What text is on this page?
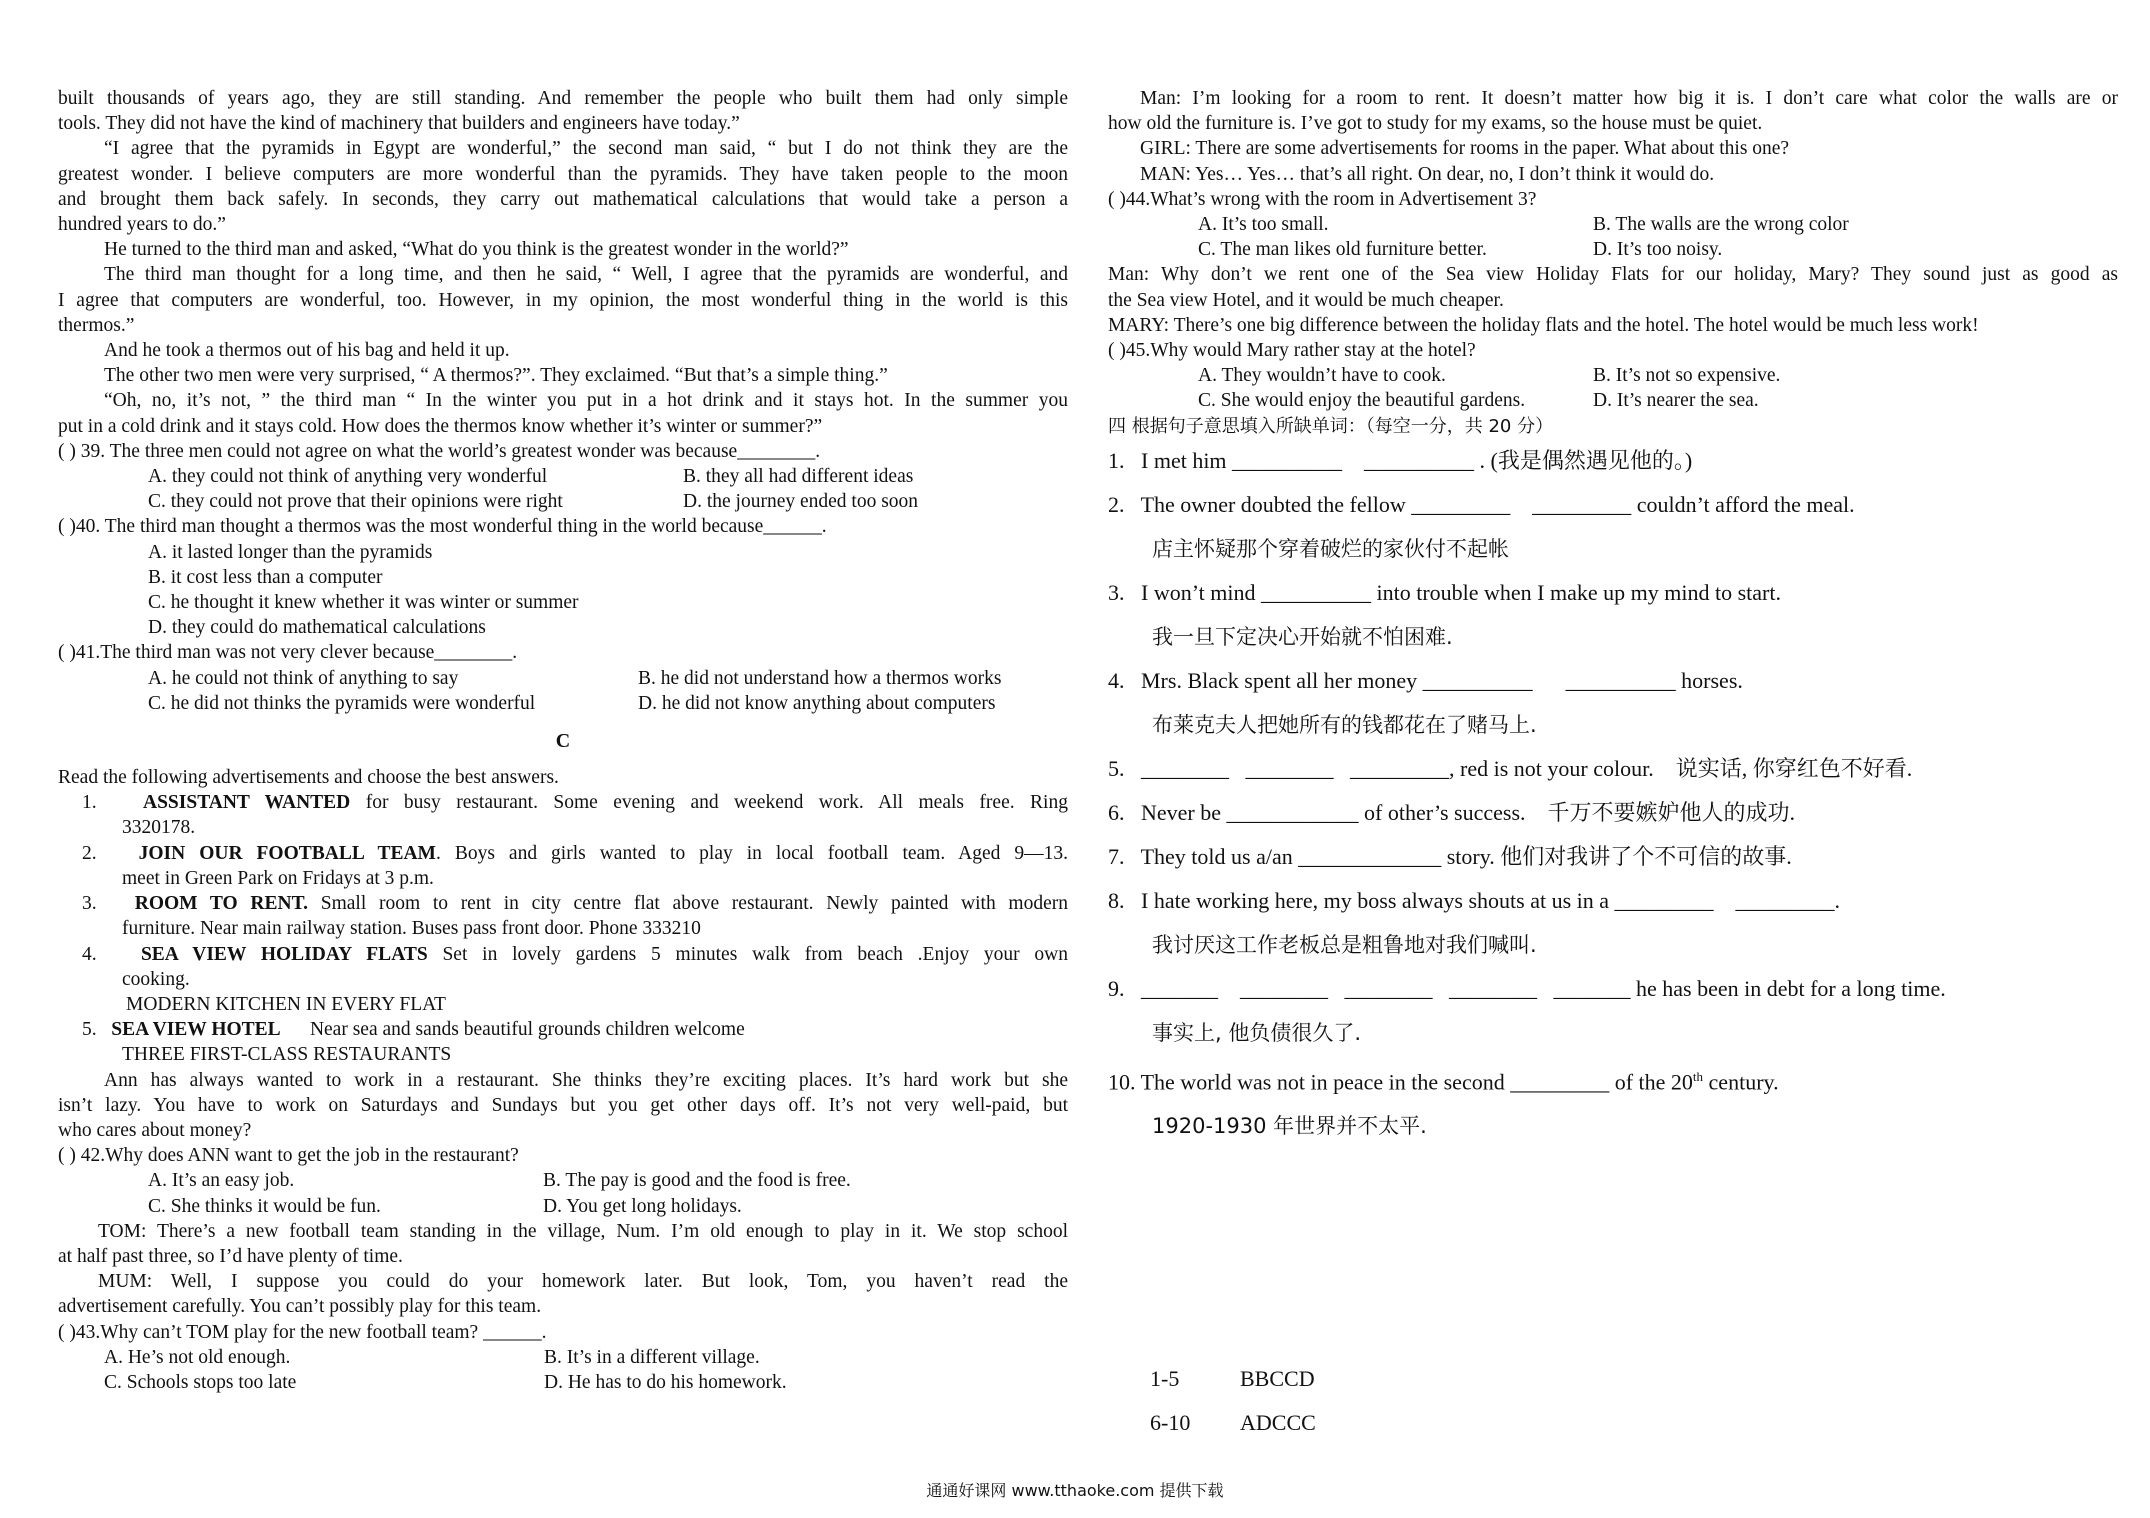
built thousands of years ago, they are still standing. And remember the people who built them had only simple
tools. They did not have the kind of machinery that builders and engineers have today.”
“I agree that the pyramids in Egypt are wonderful,” the second man said, “ but I do not think they are the
greatest wonder. I believe computers are more wonderful than the pyramids. They have taken people to the moon
and brought them back safely. In seconds, they carry out mathematical calculations that would take a person a
hundred years to do.”
He turned to the third man and asked, “What do you think is the greatest wonder in the world?”
The third man thought for a long time, and then he said, “ Well, I agree that the pyramids are wonderful, and
I agree that computers are wonderful, too. However, in my opinion, the most wonderful thing in the world is this
thermos.”
And he took a thermos out of his bag and held it up.
The other two men were very surprised, “ A thermos?”. They exclaimed. “But that’s a simple thing.”
“Oh, no, it’s not, ” the third man “ In the winter you put in a hot drink and it stays hot. In the summer you
put in a cold drink and it stays cold. How does the thermos know whether it’s winter or summer?”
( ) 39. The three men could not agree on what the world’s greatest wonder was because________.
A. they could not think of anything very wonderful	B. they all had different ideas
C. they could not prove that their opinions were right	D. the journey ended too soon
( )40. The third man thought a thermos was the most wonderful thing in the world because______.
A. it lasted longer than the pyramids
B. it cost less than a computer
C. he thought it knew whether it was winter or summer
D. they could do mathematical calculations
( )41.The third man was not very clever because________.
A. he could not think of anything to say	B. he did not understand how a thermos works
C. he did not thinks the pyramids were wonderful	D. he did not know anything about computers
C
Read the following advertisements and choose the best answers.
1. ASSISTANT WANTED for busy restaurant. Some evening and weekend work. All meals free. Ring
3320178.
2. JOIN OUR FOOTBALL TEAM. Boys and girls wanted to play in local football team. Aged 9—13.
meet in Green Park on Fridays at 3 p.m.
3. ROOM TO RENT. Small room to rent in city centre flat above restaurant. Newly painted with modern
furniture. Near main railway station. Buses pass front door. Phone 333210
4. SEA VIEW HOLIDAY FLATS Set in lovely gardens 5 minutes walk from beach .Enjoy your own
cooking.
MODERN KITCHEN IN EVERY FLAT
5. SEA VIEW HOTEL      Near sea and sands beautiful grounds children welcome
THREE FIRST-CLASS RESTAURANTS
Ann has always wanted to work in a restaurant. She thinks they’re exciting places. It’s hard work but she
isn’t lazy. You have to work on Saturdays and Sundays but you get other days off. It’s not very well-paid, but
who cares about money?
( ) 42.Why does ANN want to get the job in the restaurant?
A. It’s an easy job.	B. The pay is good and the food is free.
C. She thinks it would be fun.	D. You get long holidays.
TOM: There’s a new football team standing in the village, Num. I’m old enough to play in it. We stop school
at half past three, so I’d have plenty of time.
MUM: Well, I suppose you could do your homework later. But look, Tom, you haven’t read the
advertisement carefully. You can’t possibly play for this team.
( )43.Why can’t TOM play for the new football team? ______.
A. He’s not old enough.	B. It’s in a different village.
C. Schools stops too late	D. He has to do his homework.
Man: I’m looking for a room to rent. It doesn’t matter how big it is. I don’t care what color the walls are or
how old the furniture is. I’ve got to study for my exams, so the house must be quiet.
GIRL: There are some advertisements for rooms in the paper. What about this one?
MAN: Yes… Yes… that’s all right. On dear, no, I don’t think it would do.
( )44.What’s wrong with the room in Advertisement 3?
A. It’s too small.	B. The walls are the wrong color
C. The man likes old furniture better.	D. It’s too noisy.
Man: Why don’t we rent one of the Sea view Holiday Flats for our holiday, Mary? They sound just as good as
the Sea view Hotel, and it would be much cheaper.
MARY: There’s one big difference between the holiday flats and the hotel. The hotel would be much less work!
( )45.Why would Mary rather stay at the hotel?
A. They wouldn’t have to cook.	B. It’s not so expensive.
C. She would enjoy the beautiful gardens.	D. It’s nearer the sea.
四 根据句子意思填入所缺单词：（每空一分，共 20 分）
1.   I met him __________    __________ . (我是偶然遇见他的。)
2.   The owner doubted the fellow _________    _________ couldn’t afford the meal.
店主怀疑那个穿着破烂的家伙付不起帐
3.   I won’t mind __________ into trouble when I make up my mind to start.
我一旦下定决心开始就不怕困难.
4.   Mrs. Black spent all her money __________      __________ horses.
布莱克夫人把她所有的钱都花在了赌马上.
5.   ________   ________   _________, red is not your colour.    说实话, 你穿红色不好看.
6.   Never be ____________ of other’s success.    千万不要嫉妒他人的成功.
7.   They told us a/an _____________ story. 他们对我讲了个不可信的故事.
8.   I hate working here, my boss always shouts at us in a _________    _________.
我讨厌这工作老板总是粗鲁地对我们喊叫.
9.   _______    ________   ________   ________   _______ he has been in debt for a long time.
事实上, 他负债很久了.
10. The world was not in peace in the second _________ of the 20th century.
1920-1930 年世界并不太平.
1-5	BBCCD
6-10 ADCCC
通通好课网 www.tthaoke.com 提供下载
